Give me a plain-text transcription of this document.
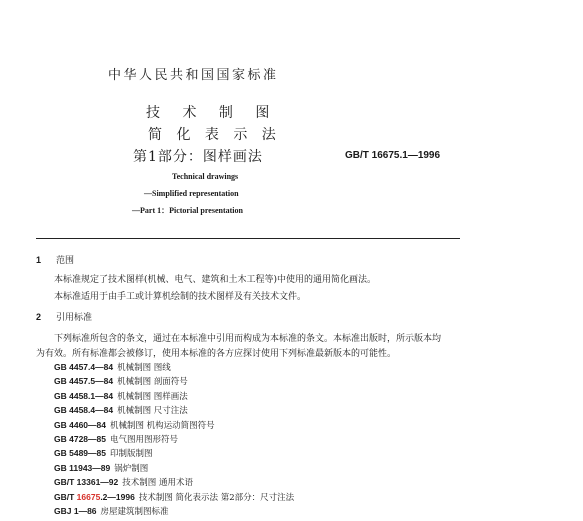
中华人民共和国国家标准
技 术 制 图
简 化 表 示 法
第1部分：图样画法	GB/T 16675.1—1996
Technical drawings
—Simplified representation
—Part 1：Pictorial presentation
1 范围
本标准规定了技术图样(机械、电气、建筑和土木工程等)中使用的通用简化画法。
本标准适用于由手工或计算机绘制的技术图样及有关技术文件。
2 引用标准
下列标准所包含的条文，通过在本标准中引用而构成为本标准的条文。本标准出版时，所示版本均
为有效。所有标准都会被修订，使用本标准的各方应探讨使用下列标准最新版本的可能性。
GB 4457.4—84 机械制图 图线
GB 4457.5—84 机械制图 剖面符号
GB 4458.1—84 机械制图 图样画法
GB 4458.4—84 机械制图 尺寸注法
GB 4460—84 机械制图 机构运动简图符号
GB 4728—85 电气图用图形符号
GB 5489—85 印制版制图
GB 11943—89 锅炉制图
GB/T 13361—92 技术制图 通用术语
GB/T 16675.2—1996 技术制图 简化表示法 第2部分：尺寸注法
GBJ 1—86 房屋建筑制图标准
